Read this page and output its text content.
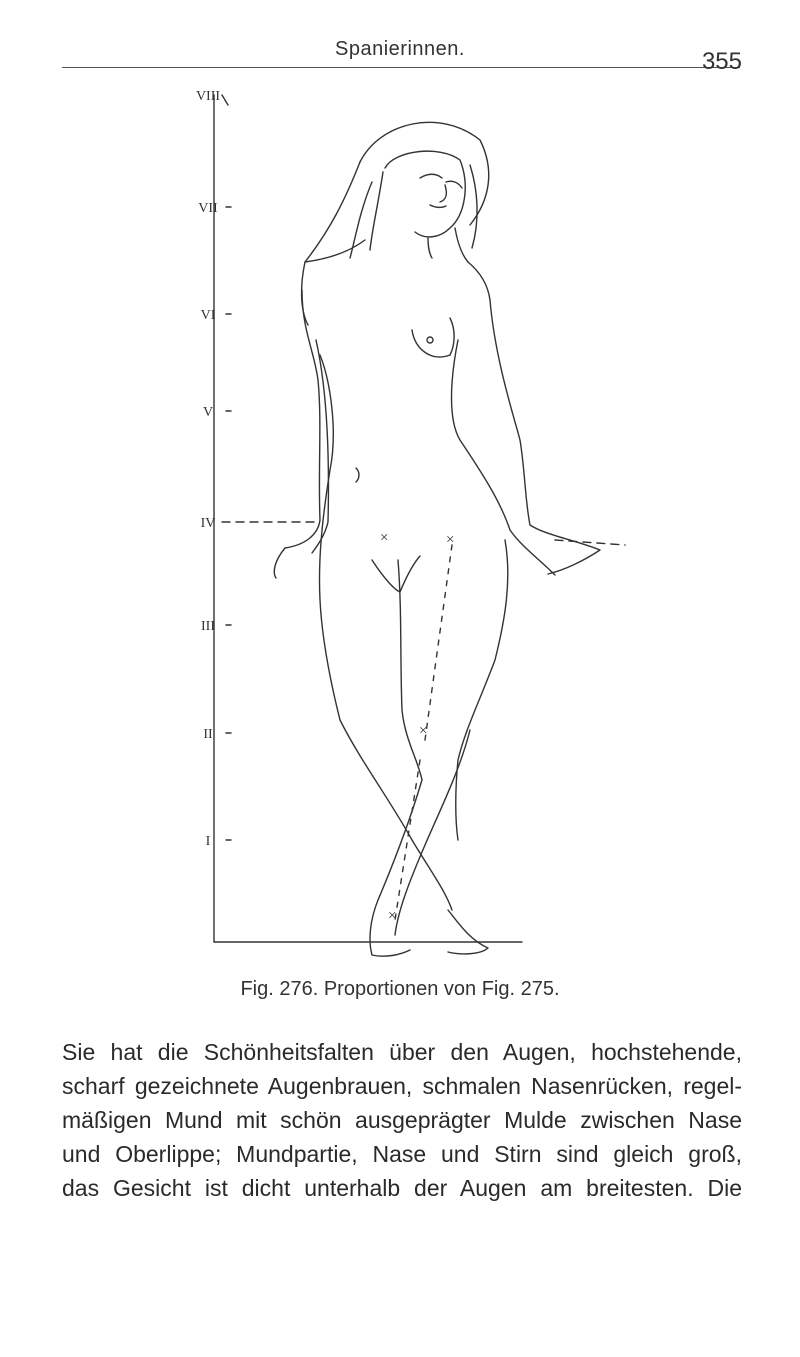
Spanierinnen.	355
×	×
×
×
VIII
VII
VI
V
IV
III
II
I
Fig. 276. Proportionen von Fig. 275.
Sie hat die Schönheitsfalten über den Augen, hochstehende,
scharf gezeichnete Augenbrauen, schmalen Nasenrücken, regel-
mäßigen Mund mit schön ausgeprägter Mulde zwischen Nase
und Oberlippe; Mundpartie, Nase und Stirn sind gleich groß,
das Gesicht ist dicht unterhalb der Augen am breitesten. Die
